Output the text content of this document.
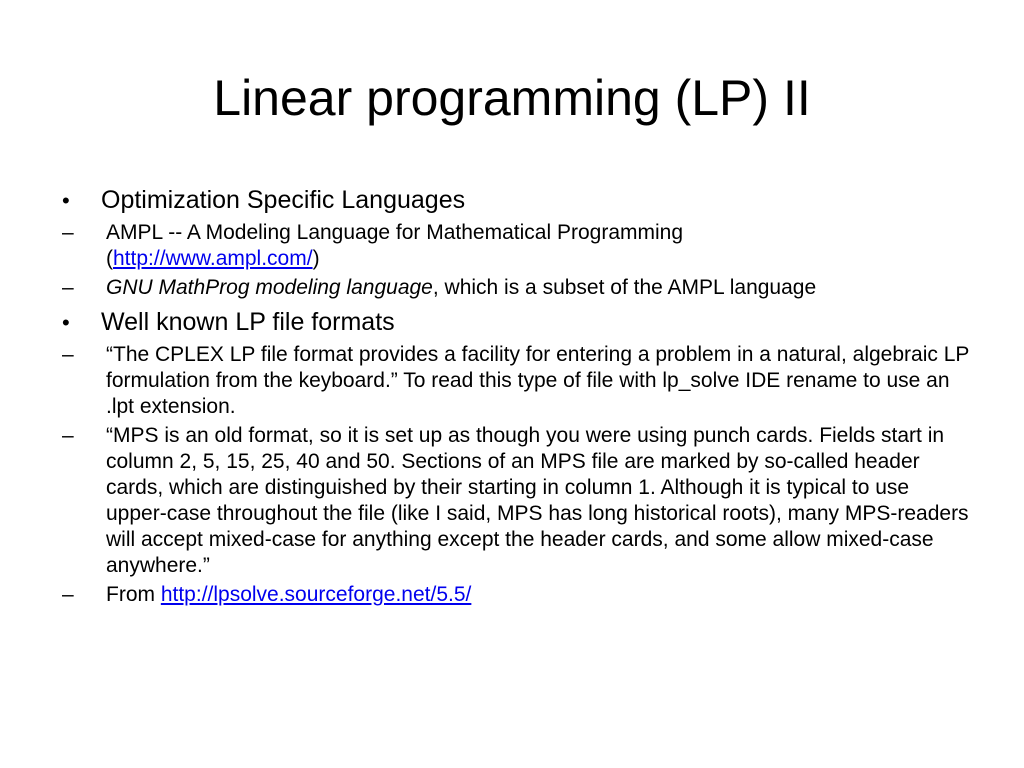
Linear programming (LP) II
•	Optimization Specific Languages
–	AMPL -- A Modeling Language for Mathematical Programming
(http://www.ampl.com/)
–	GNU MathProg modeling language, which is a subset of the AMPL language
•	Well known LP file formats
–	“The CPLEX LP file format provides a facility for entering a problem in a natural, algebraic LP formulation from the keyboard.” To read this type of file with lp_solve IDE rename to use an .lpt extension.
–	“MPS is an old format, so it is set up as though you were using punch cards. Fields start in column 2, 5, 15, 25, 40 and 50. Sections of an MPS file are marked by so-called header cards, which are distinguished by their starting in column 1. Although it is typical to use upper-case throughout the file (like I said, MPS has long historical roots), many MPS-readers will accept mixed-case for anything except the header cards, and some allow mixed-case anywhere.”
–	From http://lpsolve.sourceforge.net/5.5/
